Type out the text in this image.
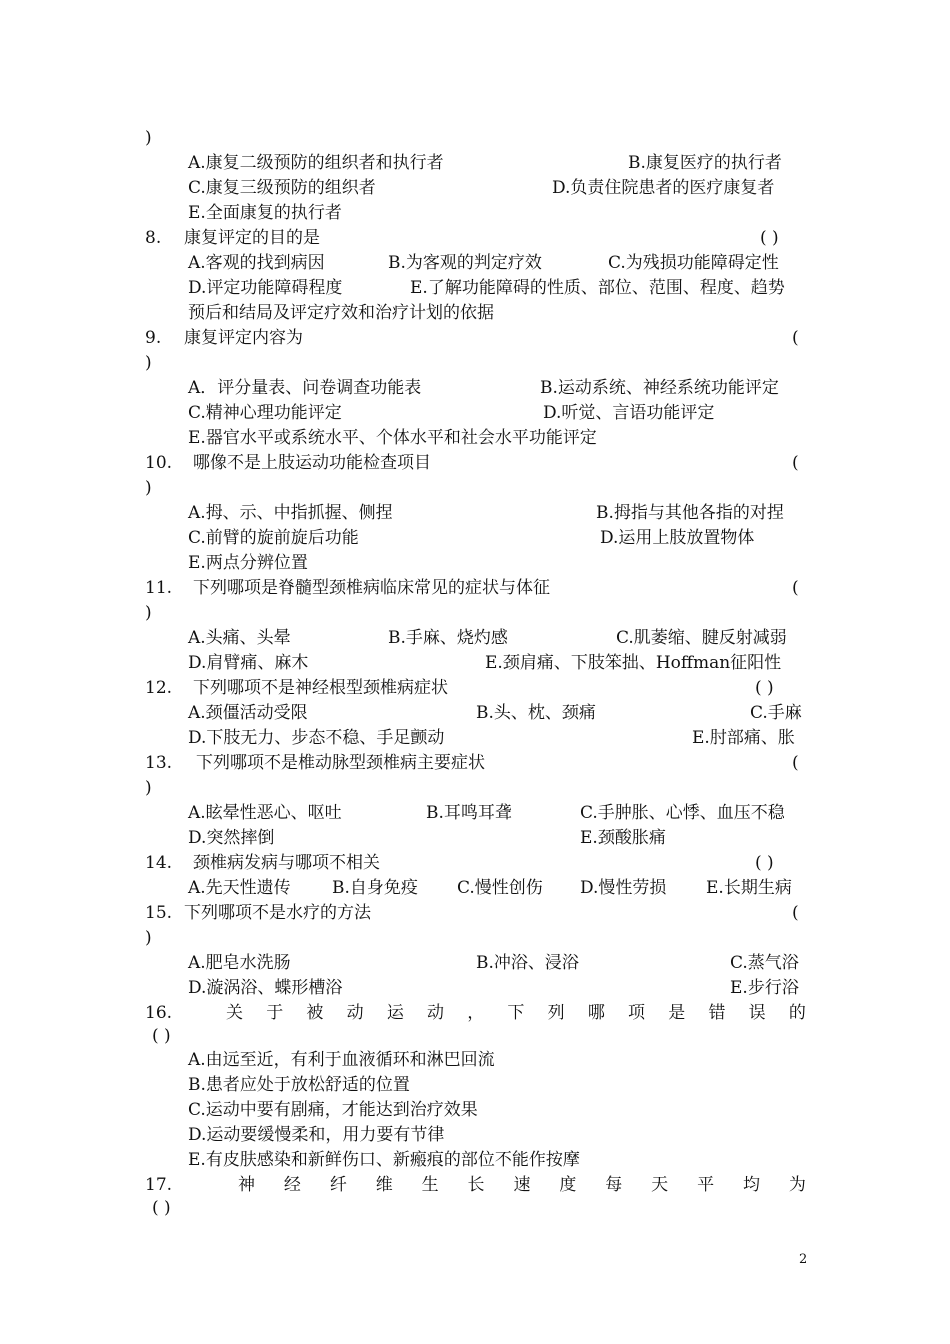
)
A.康复二级预防的组织者和执行者	B.康复医疗的执行者
C.康复三级预防的组织者	D.负责住院患者的医疗康复者
E.全面康复的执行者
8. 康复评定的目的是	( )
A.客观的找到病因	B.为客观的判定疗效	C.为残损功能障碍定性
D.评定功能障碍程度	E.了解功能障碍的性质、部位、范围、程度、趋势
预后和结局及评定疗效和治疗计划的依据
9. 康复评定内容为	(
)
A．评分量表、问卷调查功能表	B.运动系统、神经系统功能评定
C.精神心理功能评定	D.听觉、言语功能评定
E.器官水平或系统水平、个体水平和社会水平功能评定
10. 哪像不是上肢运动功能检查项目	(
)
A.拇、示、中指抓握、侧捏	B.拇指与其他各指的对捏
C.前臂的旋前旋后功能	D.运用上肢放置物体
E.两点分辨位置
11. 下列哪项是脊髓型颈椎病临床常见的症状与体征	(
)
A.头痛、头晕	B.手麻、烧灼感	C.肌萎缩、腱反射减弱
D.肩臂痛、麻木	E.颈肩痛、下肢笨拙、Hoffman征阳性
12. 下列哪项不是神经根型颈椎病症状	( )
A.颈僵活动受限	B.头、枕、颈痛	C.手麻
D.下肢无力、步态不稳、手足颤动	E.肘部痛、胀
13. 下列哪项不是椎动脉型颈椎病主要症状	(
)
A.眩晕性恶心、呕吐	B.耳鸣耳聋	C.手肿胀、心悸、血压不稳
D.突然摔倒	E.颈酸胀痛
14. 颈椎病发病与哪项不相关	( )
A.先天性遗传 B.自身免疫 C.慢性创伤 D.慢性劳损 E.长期生病
15. 下列哪项不是水疗的方法	(
)
A.肥皂水洗肠	B.冲浴、浸浴	C.蒸气浴
D.漩涡浴、蝶形槽浴	E.步行浴
16.	关 于 被 动 运 动 ， 下 列 哪 项 是 错 误 的
( )
A.由远至近，有利于血液循环和淋巴回流
B.患者应处于放松舒适的位置
C.运动中要有剧痛，才能达到治疗效果
D.运动要缓慢柔和，用力要有节律
E.有皮肤感染和新鲜伤口、新瘢痕的部位不能作按摩
17.	神 经 纤 维 生 长 速 度 每 天 平 均 为
( )
2
